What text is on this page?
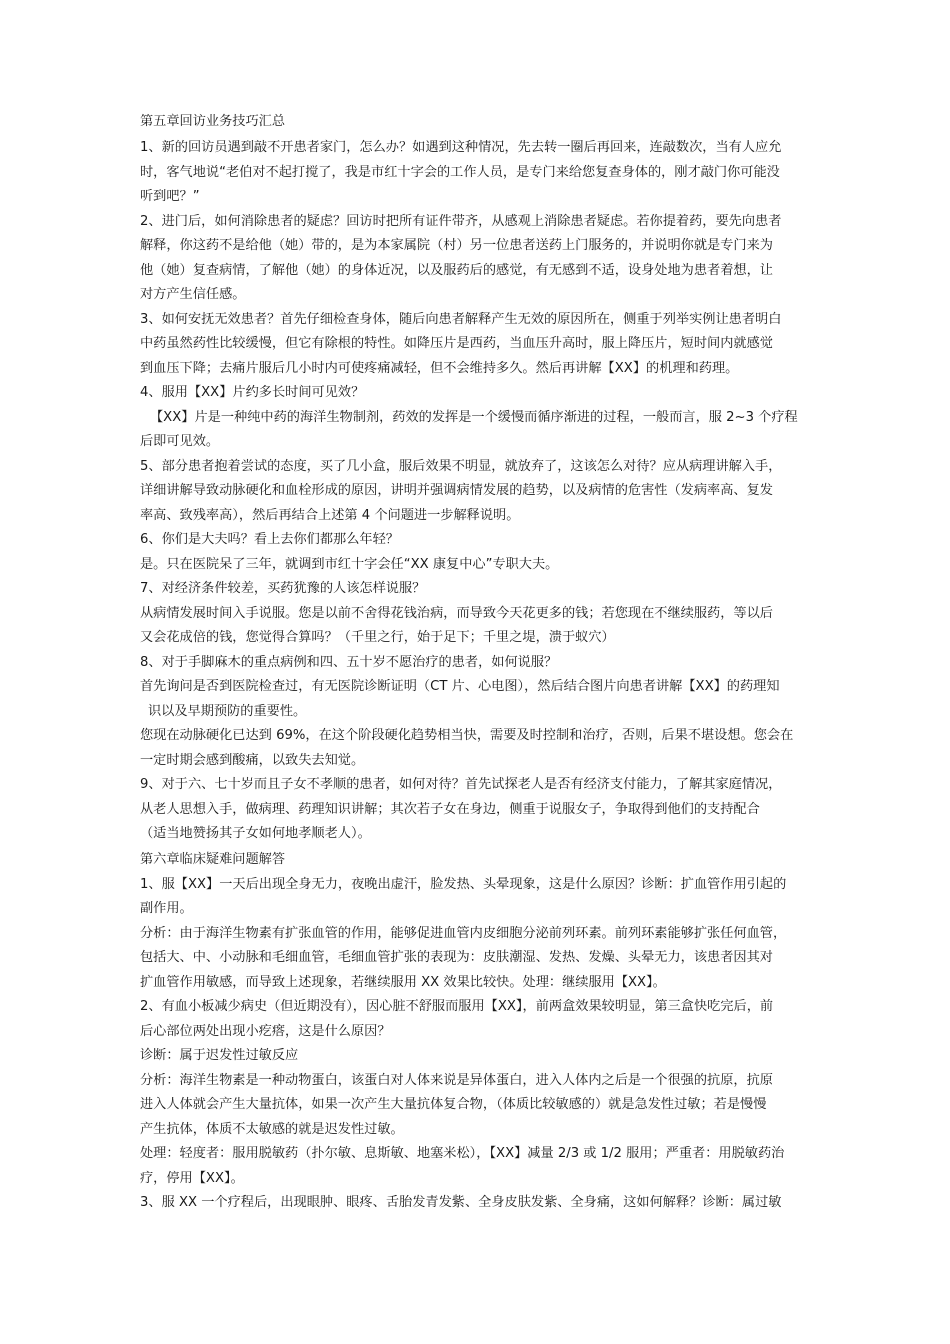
第五章回访业务技巧汇总

1、新的回访员遇到敲不开患者家门，怎么办？如遇到这种情况，先去转一圈后再回来，连敲数次，当有人应允

时，客气地说“老伯对不起打搅了，我是市红十字会的工作人员，是专门来给您复查身体的，刚才敲门你可能没

听到吧？”

2、进门后，如何消除患者的疑虑？回访时把所有证件带齐，从感观上消除患者疑虑。若你提着药，要先向患者

解释，你这药不是给他（她）带的，是为本家属院（村）另一位患者送药上门服务的，并说明你就是专门来为

他（她）复查病情，了解他（她）的身体近况，以及服药后的感觉，有无感到不适，设身处地为患者着想，让

对方产生信任感。

3、如何安抚无效患者？首先仔细检查身体，随后向患者解释产生无效的原因所在，侧重于列举实例让患者明白

中药虽然药性比较缓慢，但它有除根的特性。如降压片是西药，当血压升高时，服上降压片，短时间内就感觉

到血压下降；去痛片服后几小时内可使疼痛减轻，但不会维持多久。然后再讲解【XX】的机理和药理。

4、服用【XX】片约多长时间可见效？

【XX】片是一种纯中药的海洋生物制剂，药效的发挥是一个缓慢而循序渐进的过程，一般而言，服 2~3 个疗程

后即可见效。

5、部分患者抱着尝试的态度，买了几小盒，服后效果不明显，就放弃了，这该怎么对待？应从病理讲解入手，

详细讲解导致动脉硬化和血栓形成的原因，讲明并强调病情发展的趋势，以及病情的危害性（发病率高、复发

率高、致残率高），然后再结合上述第 4 个问题进一步解释说明。

6、你们是大夫吗？看上去你们都那么年轻？

是。只在医院呆了三年，就调到市红十字会任“XX 康复中心”专职大夫。

7、对经济条件较差，买药犹豫的人该怎样说服？

从病情发展时间入手说服。您是以前不舍得花钱治病，而导致今天花更多的钱；若您现在不继续服药，等以后

又会花成倍的钱，您觉得合算吗？（千里之行，始于足下；千里之堤，溃于蚁穴）

8、对于手脚麻木的重点病例和四、五十岁不愿治疗的患者，如何说服？

首先询问是否到医院检查过，有无医院诊断证明（CT 片、心电图），然后结合图片向患者讲解【XX】的药理知

识以及早期预防的重要性。

您现在动脉硬化已达到 69%，在这个阶段硬化趋势相当快，需要及时控制和治疗，否则，后果不堪设想。您会在

一定时期会感到酸痛，以致失去知觉。

9、对于六、七十岁而且子女不孝顺的患者，如何对待？首先试探老人是否有经济支付能力，了解其家庭情况，

从老人思想入手，做病理、药理知识讲解；其次若子女在身边，侧重于说服女子，争取得到他们的支持配合

（适当地赞扬其子女如何地孝顺老人）。

第六章临床疑难问题解答

1、服【XX】一天后出现全身无力，夜晚出虚汗，脸发热、头晕现象，这是什么原因？诊断：扩血管作用引起的

副作用。

分析：由于海洋生物素有扩张血管的作用，能够促进血管内皮细胞分泌前列环素。前列环素能够扩张任何血管，

包括大、中、小动脉和毛细血管，毛细血管扩张的表现为：皮肤潮湿、发热、发燥、头晕无力，该患者因其对

扩血管作用敏感，而导致上述现象，若继续服用 XX 效果比较快。处理：继续服用【XX】。

2、有血小板减少病史（但近期没有），因心脏不舒服而服用【XX】，前两盒效果较明显，第三盒快吃完后，前

后心部位两处出现小疙瘩，这是什么原因？

诊断：属于迟发性过敏反应

分析：海洋生物素是一种动物蛋白，该蛋白对人体来说是异体蛋白，进入人体内之后是一个很强的抗原，抗原

进入人体就会产生大量抗体，如果一次产生大量抗体复合物，（体质比较敏感的）就是急发性过敏；若是慢慢

产生抗体，体质不太敏感的就是迟发性过敏。

处理：轻度者：服用脱敏药（扑尔敏、息斯敏、地塞米松），【XX】减量 2/3 或 1/2 服用；严重者：用脱敏药治

疗，停用【XX】。

3、服 XX 一个疗程后，出现眼肿、眼疼、舌胎发青发紫、全身皮肤发紫、全身痛，这如何解释？诊断：属过敏
